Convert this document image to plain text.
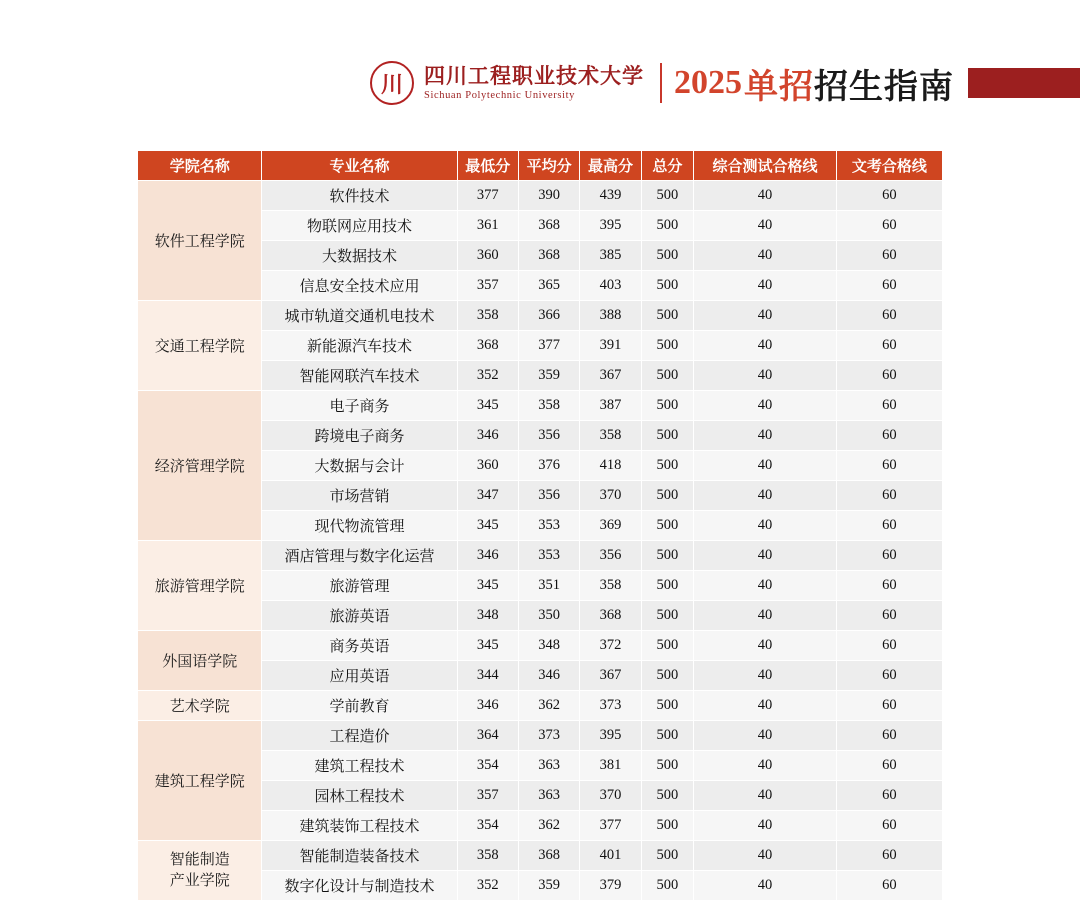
川	四川工程职业技术大学
Sichuan Polytechnic University	2025 单招招生指南
学院名称	专业名称	最低分	平均分	最高分	总分	综合测试合格线	文考合格线
软件工程学院	软件技术	377	390	439	500	40	60
	物联网应用技术	361	368	395	500	40	60
	大数据技术	360	368	385	500	40	60
	信息安全技术应用	357	365	403	500	40	60
交通工程学院	城市轨道交通机电技术	358	366	388	500	40	60
	新能源汽车技术	368	377	391	500	40	60
	智能网联汽车技术	352	359	367	500	40	60
经济管理学院	电子商务	345	358	387	500	40	60
	跨境电子商务	346	356	358	500	40	60
	大数据与会计	360	376	418	500	40	60
	市场营销	347	356	370	500	40	60
	现代物流管理	345	353	369	500	40	60
旅游管理学院	酒店管理与数字化运营	346	353	356	500	40	60
	旅游管理	345	351	358	500	40	60
	旅游英语	348	350	368	500	40	60
外国语学院	商务英语	345	348	372	500	40	60
	应用英语	344	346	367	500	40	60
艺术学院	学前教育	346	362	373	500	40	60
建筑工程学院	工程造价	364	373	395	500	40	60
	建筑工程技术	354	363	381	500	40	60
	园林工程技术	357	363	370	500	40	60
	建筑装饰工程技术	354	362	377	500	40	60

智能制造
产业学院	智能制造装备技术	358	368	401	500	40	60
	数字化设计与制造技术	352	359	379	500	40	60
